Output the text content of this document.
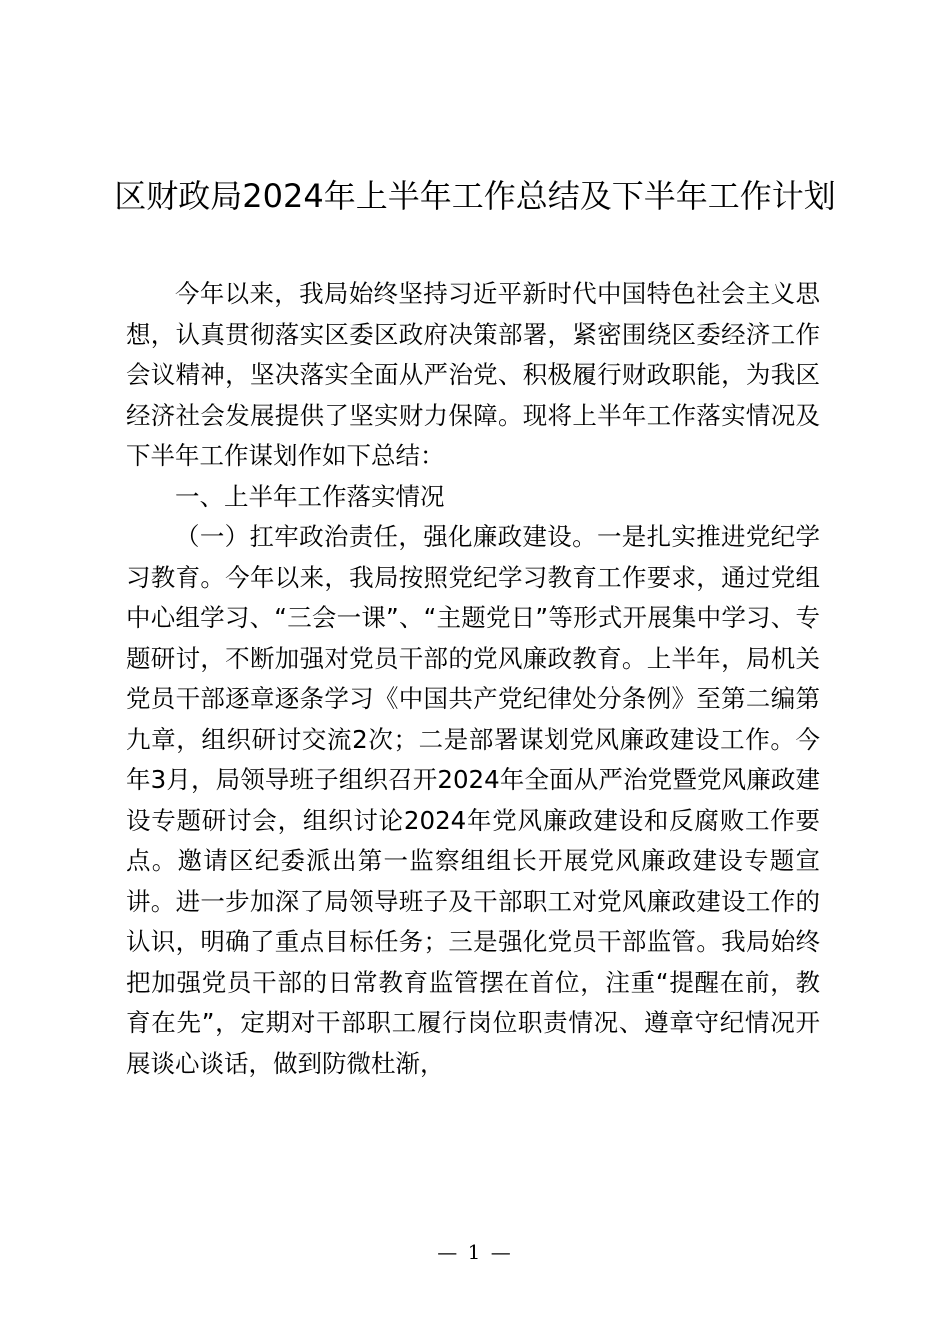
区财政局2024年上半年工作总结及下半年工作计划

今年以来，我局始终坚持习近平新时代中国特色社会主义思想，认真贯彻落实区委区政府决策部署，紧密围绕区委经济工作会议精神，坚决落实全面从严治党、积极履行财政职能，为我区经济社会发展提供了坚实财力保障。现将上半年工作落实情况及下半年工作谋划作如下总结：

一、上半年工作落实情况

（一）扛牢政治责任，强化廉政建设。一是扎实推进党纪学习教育。今年以来，我局按照党纪学习教育工作要求，通过党组中心组学习、“三会一课”、“主题党日”等形式开展集中学习、专题研讨，不断加强对党员干部的党风廉政教育。上半年，局机关党员干部逐章逐条学习《中国共产党纪律处分条例》至第二编第九章，组织研讨交流2次；二是部署谋划党风廉政建设工作。今年3月，局领导班子组织召开2024年全面从严治党暨党风廉政建设专题研讨会，组织讨论2024年党风廉政建设和反腐败工作要点。邀请区纪委派出第一监察组组长开展党风廉政建设专题宣讲。进一步加深了局领导班子及干部职工对党风廉政建设工作的认识，明确了重点目标任务；三是强化党员干部监管。我局始终把加强党员干部的日常教育监管摆在首位，注重“提醒在前，教育在先”，定期对干部职工履行岗位职责情况、遵章守纪情况开展谈心谈话，做到防微杜渐，

— 1 —
